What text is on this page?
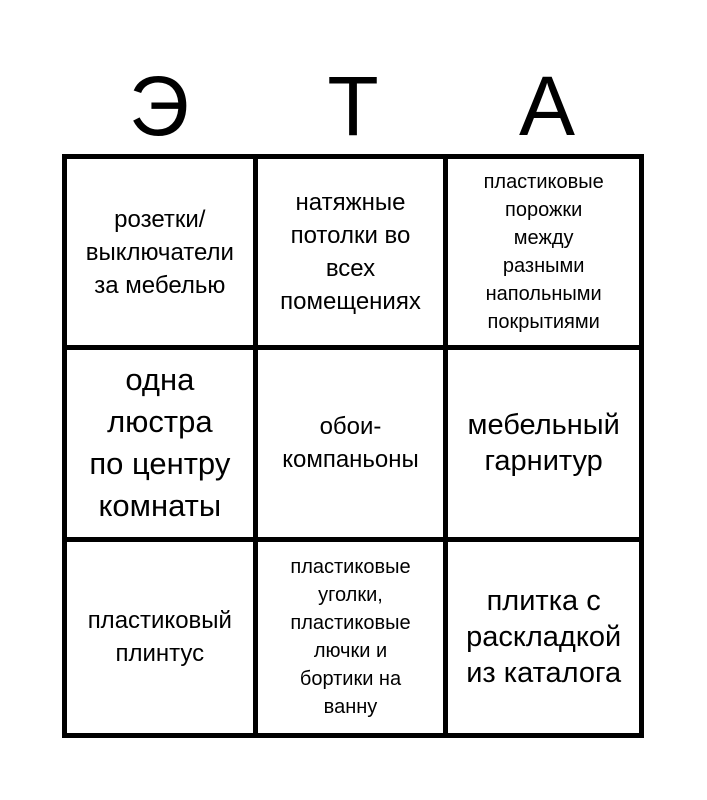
Э	Т	А
розетки/
выключатели
за мебелью
натяжные
потолки во
всех
помещениях
пластиковые
порожки
между
разными
напольными
покрытиями
одна
люстра
по центру
комнаты
обои-
компаньоны
мебельный
гарнитур
пластиковый
плинтус
пластиковые
уголки,
пластиковые
лючки и
бортики на
ванну
плитка с
раскладкой
из каталога
